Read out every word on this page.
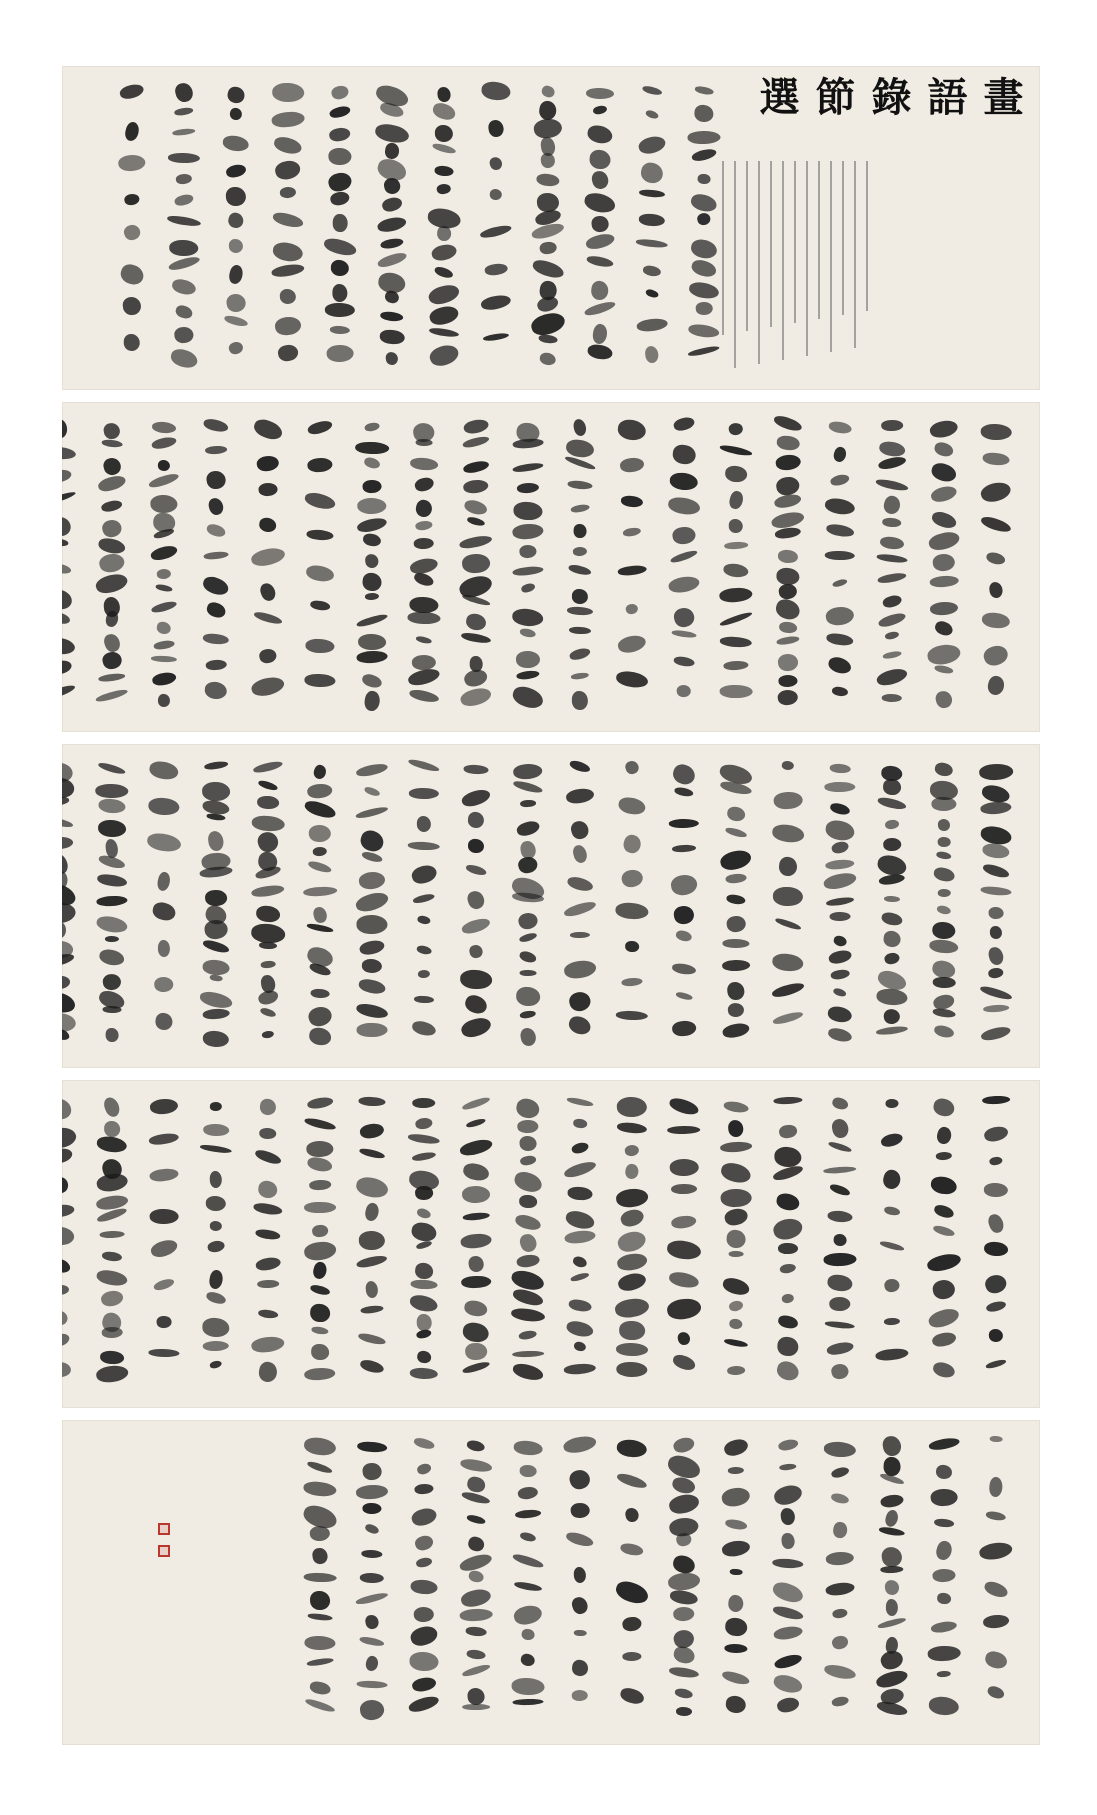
畫
語
錄
節
選
